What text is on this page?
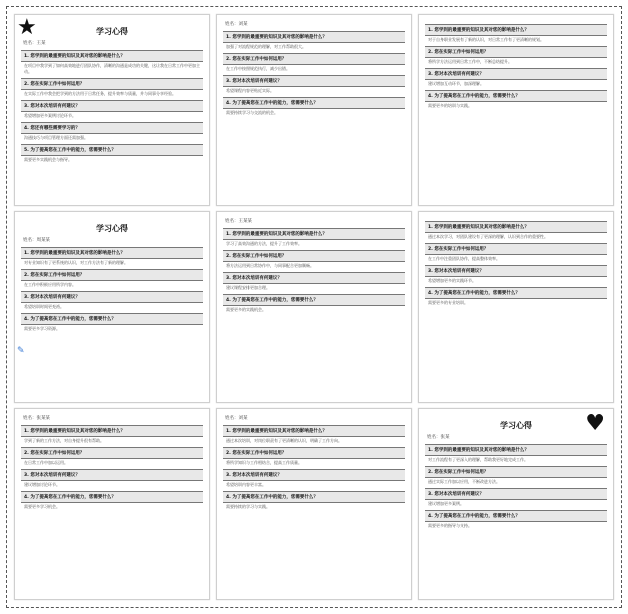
★	学习心得
姓名：王某
1. 您学到的最重要的知识及其对您的影响是什么？
在项目中我学到了如何高效地进行团队协作，清晰的沟通是成功的关键，这让我在日常工作中更加主动。
2. 您在实际工作中如何运用？
在实际工作中我会把学到的方法用于日常任务，提升效率与质量，并与同事分享经验。
3. 您对本次培训有何建议？
希望增加更多案例讨论环节。
4. 您还有哪些需要学习的？
沟通技巧与项目管理方面还需加强。
5. 为了提高您在工作中的能力，您需要什么？
需要更多实践机会与指导。
姓名：刘某
1. 您学到的最重要的知识及其对您的影响是什么？
加强了对流程规范的理解，对工作帮助很大。
2. 您在实际工作中如何运用？
在工作中按照规范执行，减少出错。
3. 您对本次培训有何建议？
希望课程内容更贴近实际。
4. 为了提高您在工作中的能力，您需要什么？
需要持续学习与交流的机会。
1. 您学到的最重要的知识及其对您的影响是什么？
对于自身职业发展有了新的认识，对日常工作有了更清晰的规划。
2. 您在实际工作中如何运用？
将所学方法运用到日常工作中，不断总结提升。
3. 您对本次培训有何建议？
建议增加互动环节，加深理解。
4. 为了提高您在工作中的能力，您需要什么？
需要更多的培训与实践。
✎
学习心得
姓名：周某某
1. 您学到的最重要的知识及其对您的影响是什么？
对专业知识有了更系统的认识，对工作方法有了新的理解。
2. 您在实际工作中如何运用？
在工作中积极应用所学内容。
3. 您对本次培训有何建议？
希望培训时间更充裕。
4. 为了提高您在工作中的能力，您需要什么？
需要更多学习资源。
姓名：王某某
1. 您学到的最重要的知识及其对您的影响是什么？
学习了高效沟通的方法，提升了工作效率。
2. 您在实际工作中如何运用？
将方法运用到日常协作中，与同事配合更加顺畅。
3. 您对本次培训有何建议？
建议课程安排更加合理。
4. 为了提高您在工作中的能力，您需要什么？
需要更多的实践机会。
1. 您学到的最重要的知识及其对您的影响是什么？
通过本次学习，对团队建设有了更深的理解，认识到合作的重要性。
2. 您在实际工作中如何运用？
在工作中注重团队协作，提高整体效率。
3. 您对本次培训有何建议？
希望增加更多的实践环节。
4. 为了提高您在工作中的能力，您需要什么？
需要更多的专业培训。
姓名：张某某
1. 您学到的最重要的知识及其对您的影响是什么？
学到了新的工作方法，对自身提升很有帮助。
2. 您在实际工作中如何运用？
在日常工作中加以运用。
3. 您对本次培训有何建议？
建议增加讨论环节。
4. 为了提高您在工作中的能力，您需要什么？
需要更多学习机会。
姓名：刘某
1. 您学到的最重要的知识及其对您的影响是什么？
通过本次培训，对岗位职责有了更清晰的认识，明确了工作方向。
2. 您在实际工作中如何运用？
将所学知识与工作相结合，提高工作质量。
3. 您对本次培训有何建议？
希望培训内容更丰富。
4. 为了提高您在工作中的能力，您需要什么？
需要持续的学习与实践。
♥
学习心得
姓名：张某
1. 您学到的最重要的知识及其对您的影响是什么？
对工作流程有了更深入的理解，帮助我更好地完成工作。
2. 您在实际工作中如何运用？
通过实际工作加以应用，不断改进方法。
3. 您对本次培训有何建议？
建议增加更多案例。
4. 为了提高您在工作中的能力，您需要什么？
需要更多的指导与支持。
